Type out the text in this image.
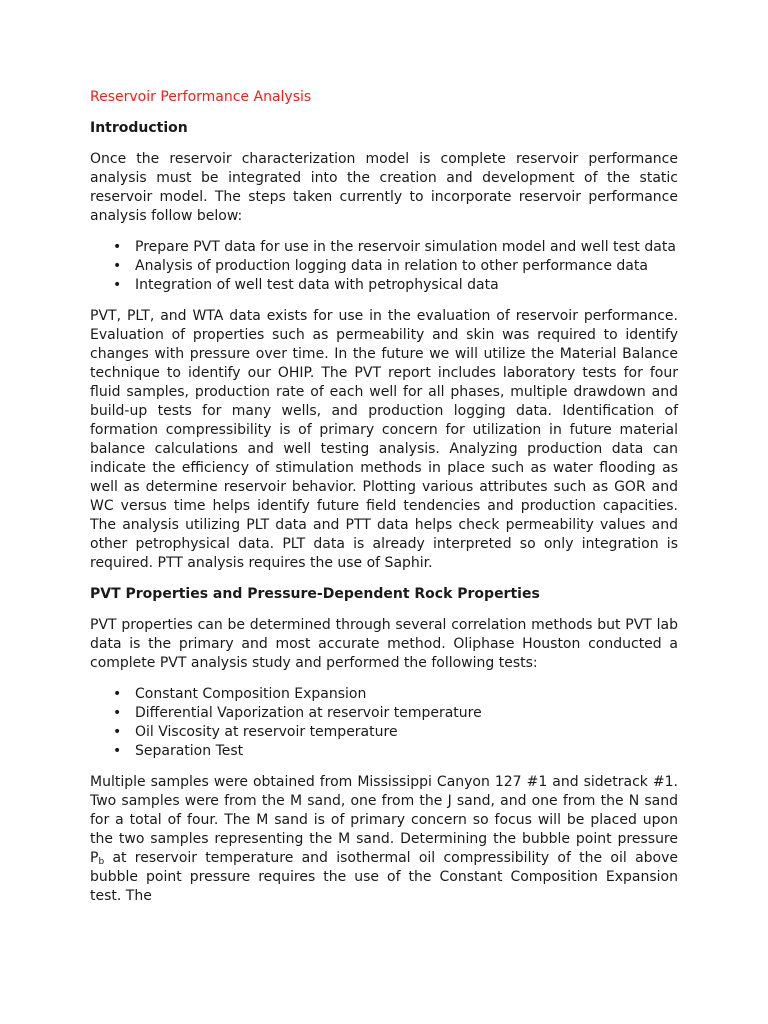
Reservoir Performance Analysis
Introduction

Once the reservoir characterization model is complete reservoir performance analysis must be integrated into the creation and development of the static reservoir model. The steps taken currently to incorporate reservoir performance analysis follow below:

• Prepare PVT data for use in the reservoir simulation model and well test data
• Analysis of production logging data in relation to other performance data
• Integration of well test data with petrophysical data

PVT, PLT, and WTA data exists for use in the evaluation of reservoir performance. Evaluation of properties such as permeability and skin was required to identify changes with pressure over time. In the future we will utilize the Material Balance technique to identify our OHIP. The PVT report includes laboratory tests for four fluid samples, production rate of each well for all phases, multiple drawdown and build-up tests for many wells, and production logging data. Identification of formation compressibility is of primary concern for utilization in future material balance calculations and well testing analysis. Analyzing production data can indicate the efficiency of stimulation methods in place such as water flooding as well as determine reservoir behavior. Plotting various attributes such as GOR and WC versus time helps identify future field tendencies and production capacities. The analysis utilizing PLT data and PTT data helps check permeability values and other petrophysical data. PLT data is already interpreted so only integration is required. PTT analysis requires the use of Saphir.

PVT Properties and Pressure-Dependent Rock Properties

PVT properties can be determined through several correlation methods but PVT lab data is the primary and most accurate method. Oliphase Houston conducted a complete PVT analysis study and performed the following tests:

• Constant Composition Expansion
• Differential Vaporization at reservoir temperature
• Oil Viscosity at reservoir temperature
• Separation Test

Multiple samples were obtained from Mississippi Canyon 127 #1 and sidetrack #1. Two samples were from the M sand, one from the J sand, and one from the N sand for a total of four. The M sand is of primary concern so focus will be placed upon the two samples representing the M sand. Determining the bubble point pressure $P_b$ at reservoir temperature and isothermal oil compressibility of the oil above bubble point pressure requires the use of the Constant Composition Expansion test. The
